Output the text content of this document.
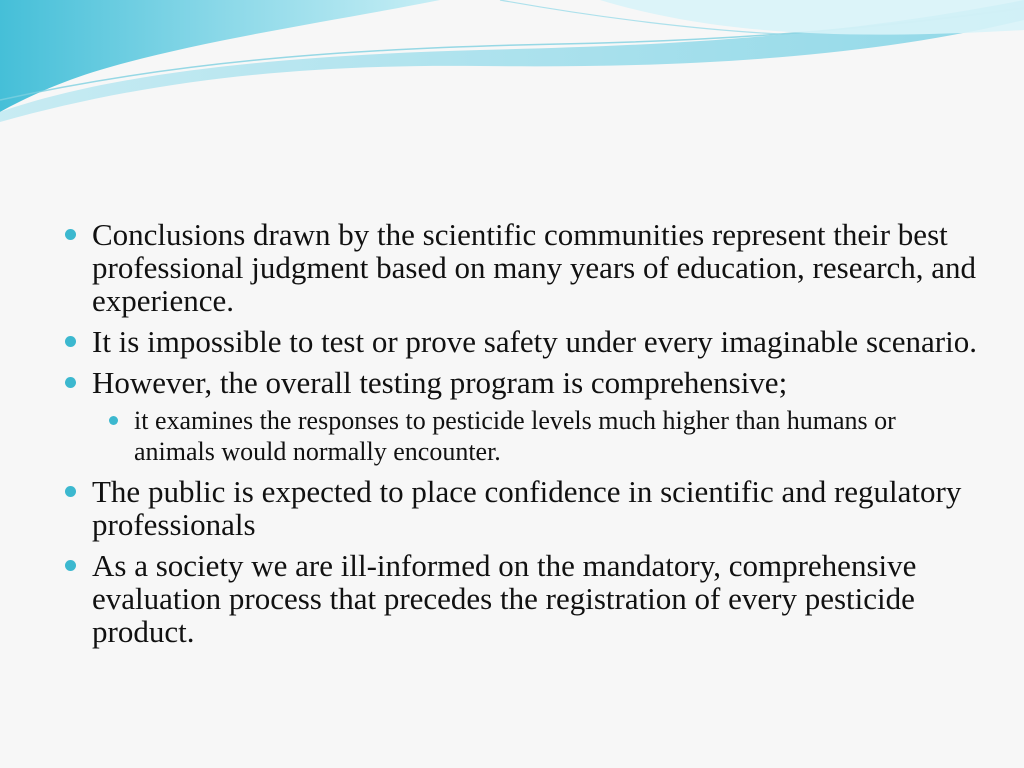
Conclusions drawn by the scientific communities represent their best professional judgment based on many years of education, research, and experience.
It is impossible to test or prove safety under every imaginable scenario.
However, the overall testing program is comprehensive;
it examines the responses to pesticide levels much higher than humans or animals would normally encounter.
The public is expected to place confidence in scientific and regulatory professionals
As a society we are ill-informed on the mandatory, comprehensive evaluation process that precedes the registration of every pesticide product.
